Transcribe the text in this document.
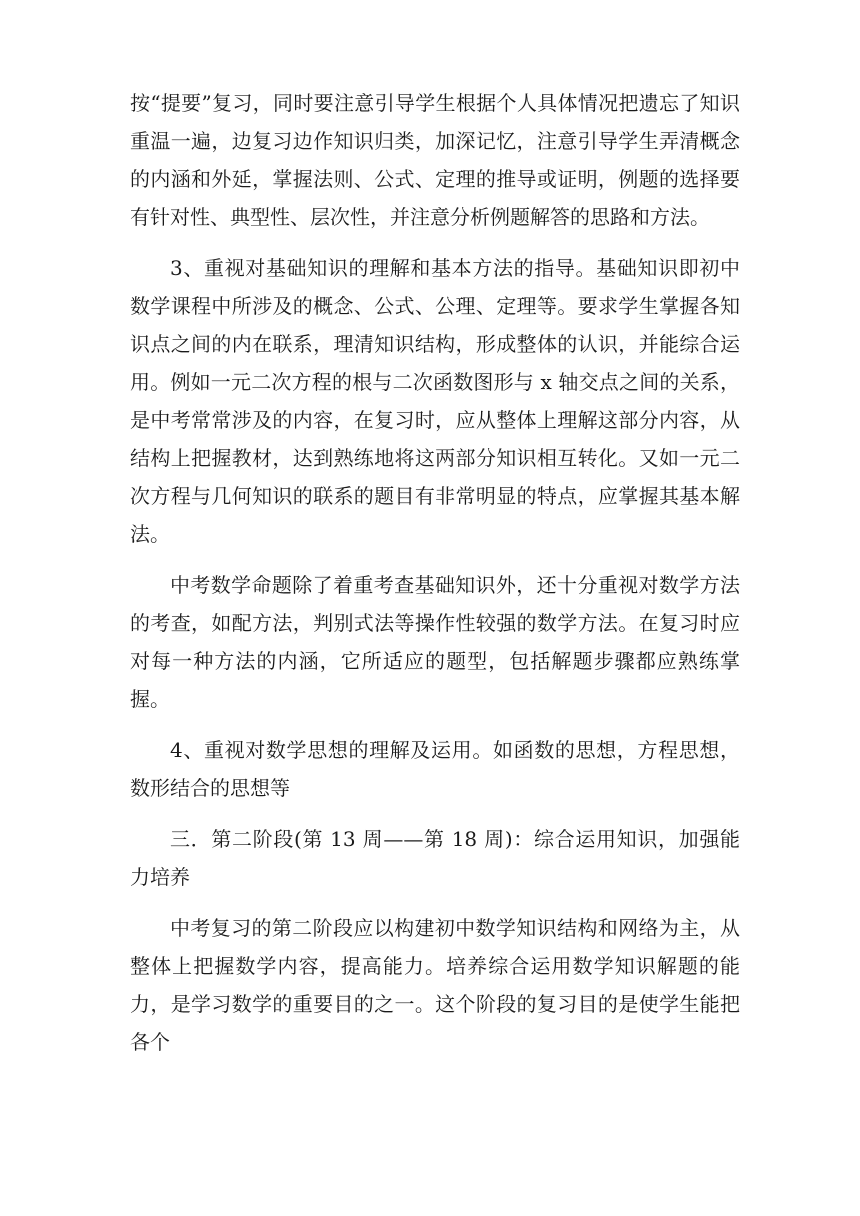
按“提要”复习，同时要注意引导学生根据个人具体情况把遗忘了知识重温一遍，边复习边作知识归类，加深记忆，注意引导学生弄清概念的内涵和外延，掌握法则、公式、定理的推导或证明，例题的选择要有针对性、典型性、层次性，并注意分析例题解答的思路和方法。

3、重视对基础知识的理解和基本方法的指导。基础知识即初中数学课程中所涉及的概念、公式、公理、定理等。要求学生掌握各知识点之间的内在联系，理清知识结构，形成整体的认识，并能综合运用。例如一元二次方程的根与二次函数图形与 x 轴交点之间的关系，是中考常常涉及的内容，在复习时，应从整体上理解这部分内容，从结构上把握教材，达到熟练地将这两部分知识相互转化。又如一元二次方程与几何知识的联系的题目有非常明显的特点，应掌握其基本解法。

中考数学命题除了着重考查基础知识外，还十分重视对数学方法的考查，如配方法，判别式法等操作性较强的数学方法。在复习时应对每一种方法的内涵，它所适应的题型，包括解题步骤都应熟练掌握。

4、重视对数学思想的理解及运用。如函数的思想，方程思想，数形结合的思想等

三．第二阶段(第 13 周——第 18 周)：综合运用知识，加强能力培养

中考复习的第二阶段应以构建初中数学知识结构和网络为主，从整体上把握数学内容，提高能力。培养综合运用数学知识解题的能力，是学习数学的重要目的之一。这个阶段的复习目的是使学生能把各个
